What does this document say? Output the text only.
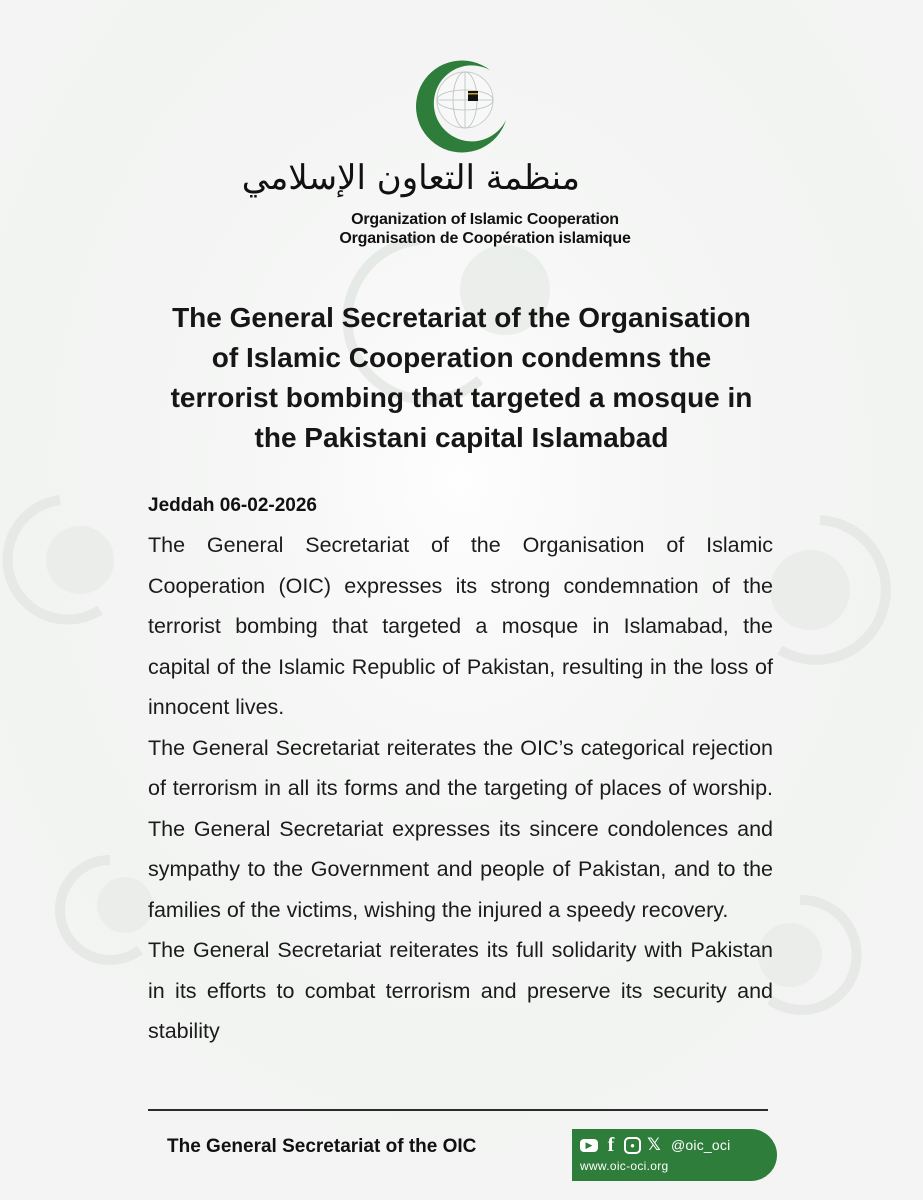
منظمة التعاون الإسلامي
Organization of Islamic Cooperation
Organisation de Coopération islamique
The General Secretariat of the Organisation
of Islamic Cooperation condemns the
terrorist bombing that targeted a mosque in
the Pakistani capital Islamabad

Jeddah 06-02-2026

The General Secretariat of the Organisation of Islamic Cooperation (OIC) expresses its strong condemnation of the terrorist bombing that targeted a mosque in Islamabad, the capital of the Islamic Republic of Pakistan, resulting in the loss of innocent lives.

The General Secretariat reiterates the OIC’s categorical rejection of terrorism in all its forms and the targeting of places of worship. The General Secretariat expresses its sincere condolences and sympathy to the Government and people of Pakistan, and to the families of the victims, wishing the injured a speedy recovery.

The General Secretariat reiterates its full solidarity with Pakistan in its efforts to combat terrorism and preserve its security and stability

The General Secretariat of the OIC	▶ f	● 𝕏 @oic_oci
www.oic-oci.org
